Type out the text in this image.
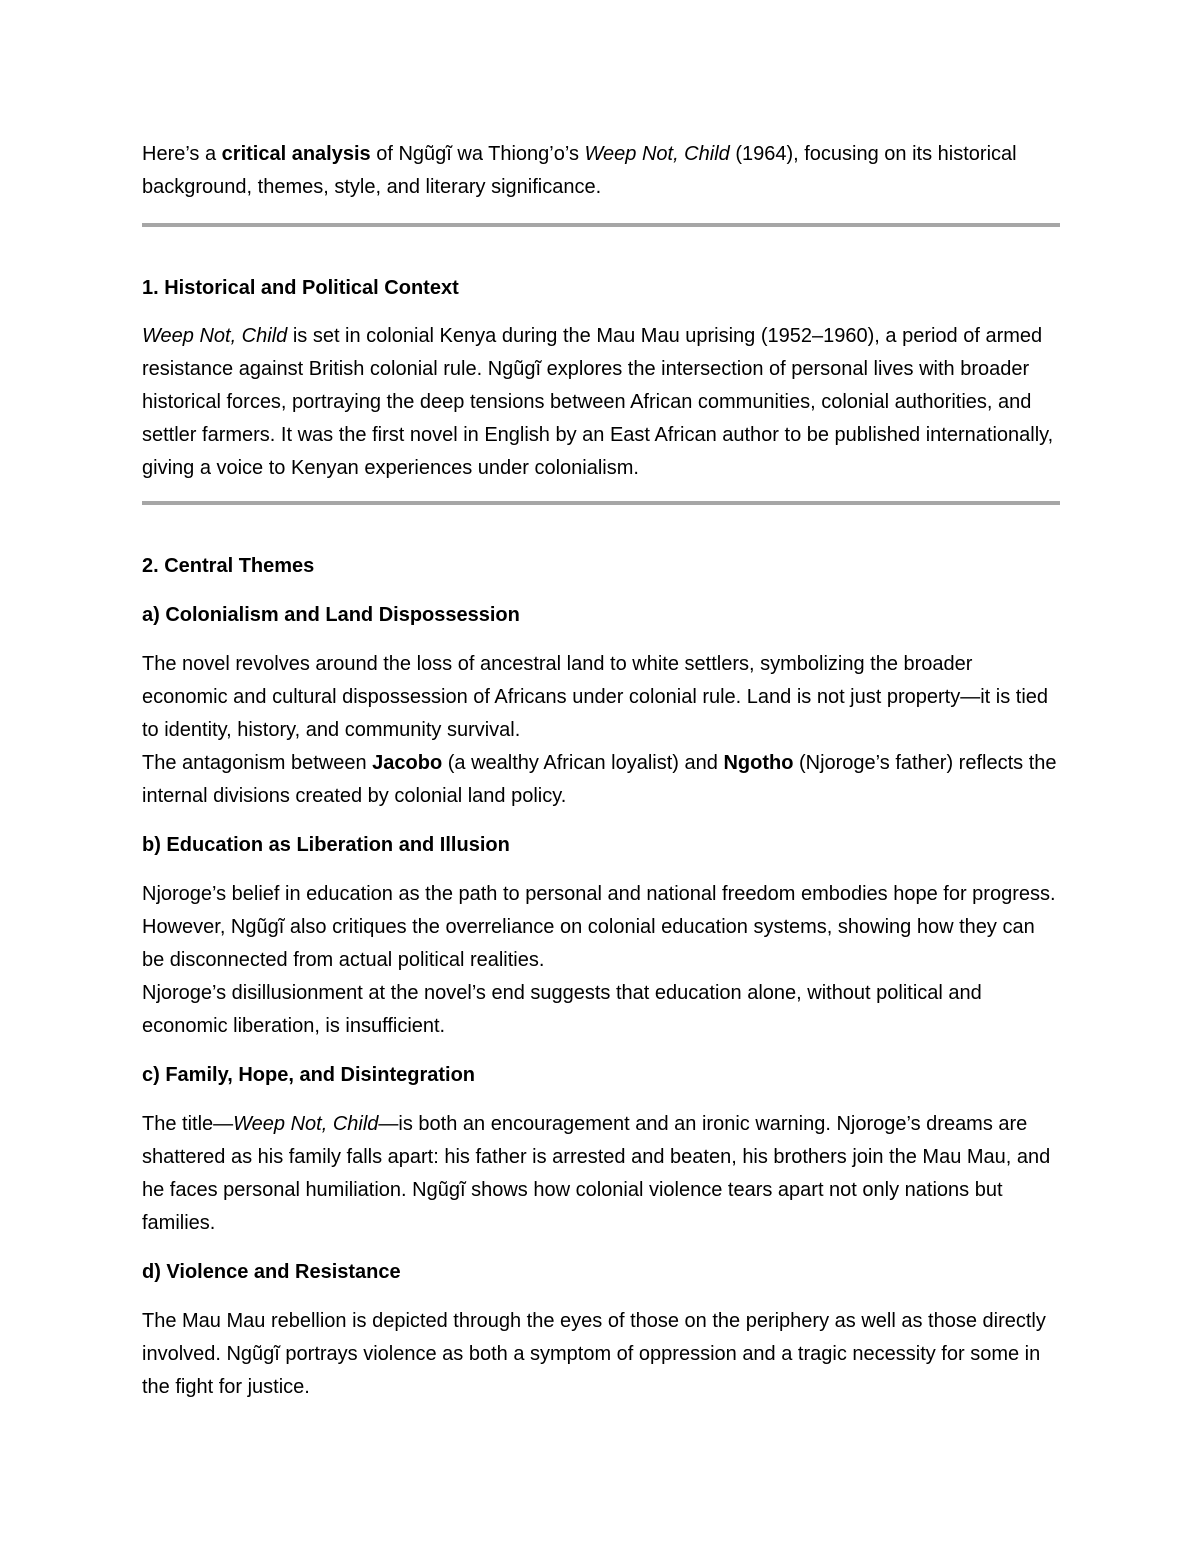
Here’s a critical analysis of Ngũgĩ wa Thiong’o’s Weep Not, Child (1964), focusing on its historical background, themes, style, and literary significance.

1. Historical and Political Context

Weep Not, Child is set in colonial Kenya during the Mau Mau uprising (1952–1960), a period of armed resistance against British colonial rule. Ngũgĩ explores the intersection of personal lives with broader historical forces, portraying the deep tensions between African communities, colonial authorities, and settler farmers. It was the first novel in English by an East African author to be published internationally, giving a voice to Kenyan experiences under colonialism.

2. Central Themes
a) Colonialism and Land Dispossession

The novel revolves around the loss of ancestral land to white settlers, symbolizing the broader economic and cultural dispossession of Africans under colonial rule. Land is not just property—it is tied to identity, history, and community survival.

The antagonism between Jacobo (a wealthy African loyalist) and Ngotho (Njoroge’s father) reflects the internal divisions created by colonial land policy.

b) Education as Liberation and Illusion

Njoroge’s belief in education as the path to personal and national freedom embodies hope for progress. However, Ngũgĩ also critiques the overreliance on colonial education systems, showing how they can be disconnected from actual political realities.

Njoroge’s disillusionment at the novel’s end suggests that education alone, without political and economic liberation, is insufficient.

c) Family, Hope, and Disintegration

The title—Weep Not, Child—is both an encouragement and an ironic warning. Njoroge’s dreams are shattered as his family falls apart: his father is arrested and beaten, his brothers join the Mau Mau, and he faces personal humiliation. Ngũgĩ shows how colonial violence tears apart not only nations but families.

d) Violence and Resistance

The Mau Mau rebellion is depicted through the eyes of those on the periphery as well as those directly involved. Ngũgĩ portrays violence as both a symptom of oppression and a tragic necessity for some in the fight for justice.
